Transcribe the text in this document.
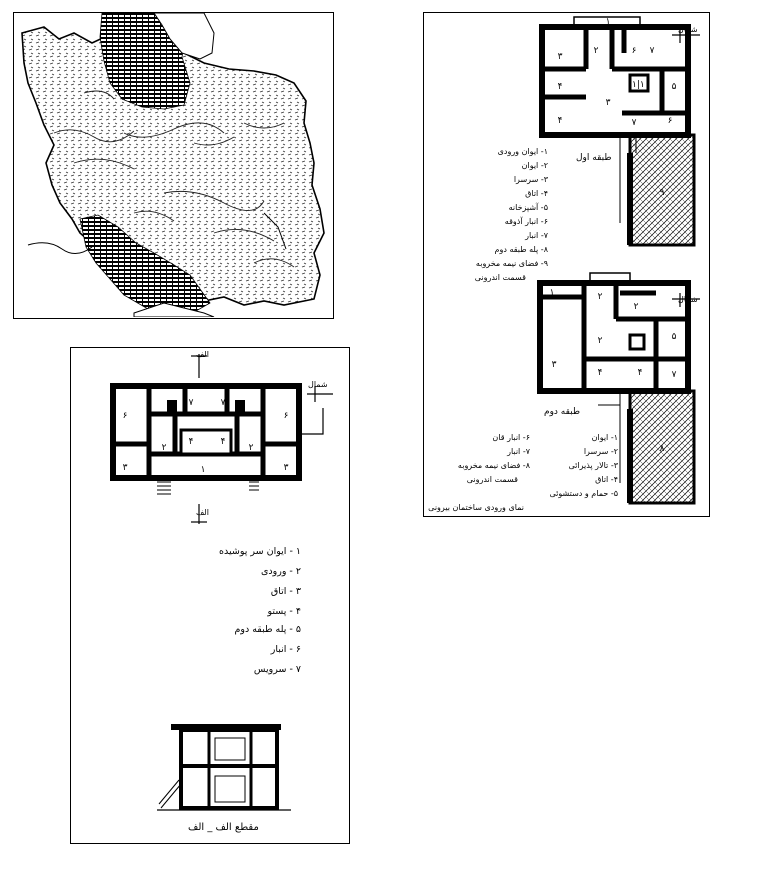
۶	۶
۳	۳
۲	۲
۱
۷	۷
۴	۴
الف
الف
شمال
۱ - ایوان سر پوشیده
۲ - ورودی
۳ - اتاق
۴ - پستو
۵ - پله طبقه دوم
۶ - انبار
۷ - سرویس
مقطع الف _ الف
۱|۱
۱
۲	۶ ۷
۳
۴
۴
۳
۵
۶
۷
۹
شمال
طبقه اول
۱- ایوان ورودی
۲- ایوان
۳- سرسرا
۴- اتاق
۵- آشپزخانه
۶- انبار آذوقه
۷- انبار
۸- پله طبقه دوم
۹- فضای نیمه مخروبه
قسمت اندرونی
۱	۲
۲
۵
۲
۳
۴	۴	۷
۸
شمال
طبقه دوم
۱- ایوان
۲- سرسرا
۳- تالار پذیرائی
۴- اتاق
۵- حمام و دستشوئی
۶- انبار قان
۷- انبار
۸- فضای نیمه مخروبه
قسمت اندرونی
نمای ورودی ساختمان بیرونی
